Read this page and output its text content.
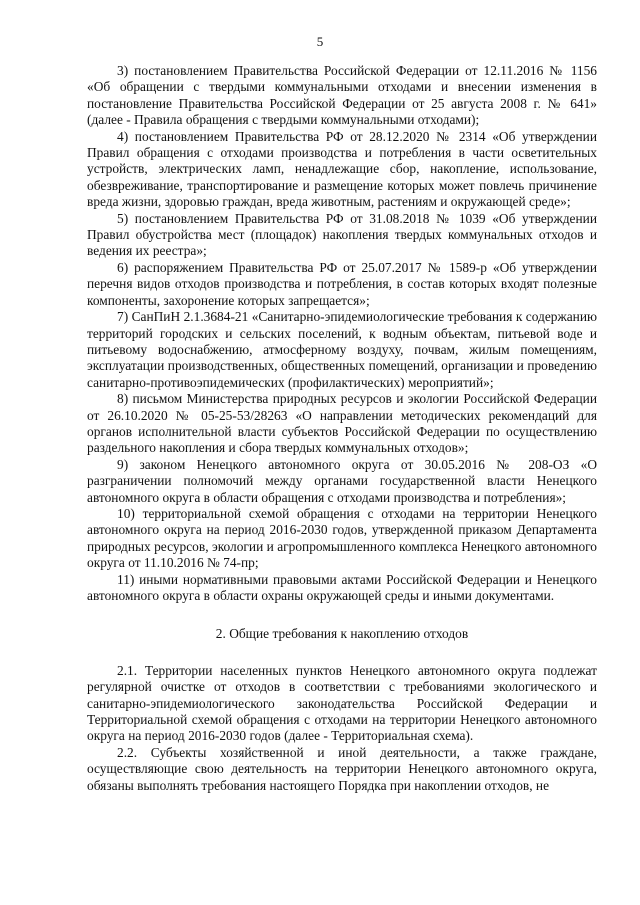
5

3) постановлением Правительства Российской Федерации от 12.11.2016 № 1156 «Об обращении с твердыми коммунальными отходами и внесении изменения в постановление Правительства Российской Федерации от 25 августа 2008 г. № 641» (далее - Правила обращения с твердыми коммунальными отходами);

4) постановлением Правительства РФ от 28.12.2020 № 2314 «Об утверждении Правил обращения с отходами производства и потребления в части осветительных устройств, электрических ламп, ненадлежащие сбор, накопление, использование, обезвреживание, транспортирование и размещение которых может повлечь причинение вреда жизни, здоровью граждан, вреда животным, растениям и окружающей среде»;

5) постановлением Правительства РФ от 31.08.2018 № 1039 «Об утверждении Правил обустройства мест (площадок) накопления твердых коммунальных отходов и ведения их реестра»;

6) распоряжением Правительства РФ от 25.07.2017 № 1589-р «Об утверждении перечня видов отходов производства и потребления, в состав которых входят полезные компоненты, захоронение которых запрещается»;

7) СанПиН 2.1.3684-21 «Санитарно-эпидемиологические требования к содержанию территорий городских и сельских поселений, к водным объектам, питьевой воде и питьевому водоснабжению, атмосферному воздуху, почвам, жилым помещениям, эксплуатации производственных, общественных помещений, организации и проведению санитарно-противоэпидемических (профилактических) мероприятий»;

8) письмом Министерства природных ресурсов и экологии Российской Федерации от 26.10.2020 № 05-25-53/28263 «О направлении методических рекомендаций для органов исполнительной власти субъектов Российской Федерации по осуществлению раздельного накопления и сбора твердых коммунальных отходов»;

9) законом Ненецкого автономного округа от 30.05.2016 № 208-ОЗ «О разграничении полномочий между органами государственной власти Ненецкого автономного округа в области обращения с отходами производства и потребления»;

10) территориальной схемой обращения с отходами на территории Ненецкого автономного округа на период 2016-2030 годов, утвержденной приказом Департамента природных ресурсов, экологии и агропромышленного комплекса Ненецкого автономного округа от 11.10.2016 № 74-пр;

11) иными нормативными правовыми актами Российской Федерации и Ненецкого автономного округа в области охраны окружающей среды и иными документами.

2. Общие требования к накоплению отходов

2.1. Территории населенных пунктов Ненецкого автономного округа подлежат регулярной очистке от отходов в соответствии с требованиями экологического и санитарно-эпидемиологического законодательства Российской Федерации и Территориальной схемой обращения с отходами на территории Ненецкого автономного округа на период 2016-2030 годов (далее - Территориальная схема).

2.2. Субъекты хозяйственной и иной деятельности, а также граждане, осуществляющие свою деятельность на территории Ненецкого автономного округа, обязаны выполнять требования настоящего Порядка при накоплении отходов, не
